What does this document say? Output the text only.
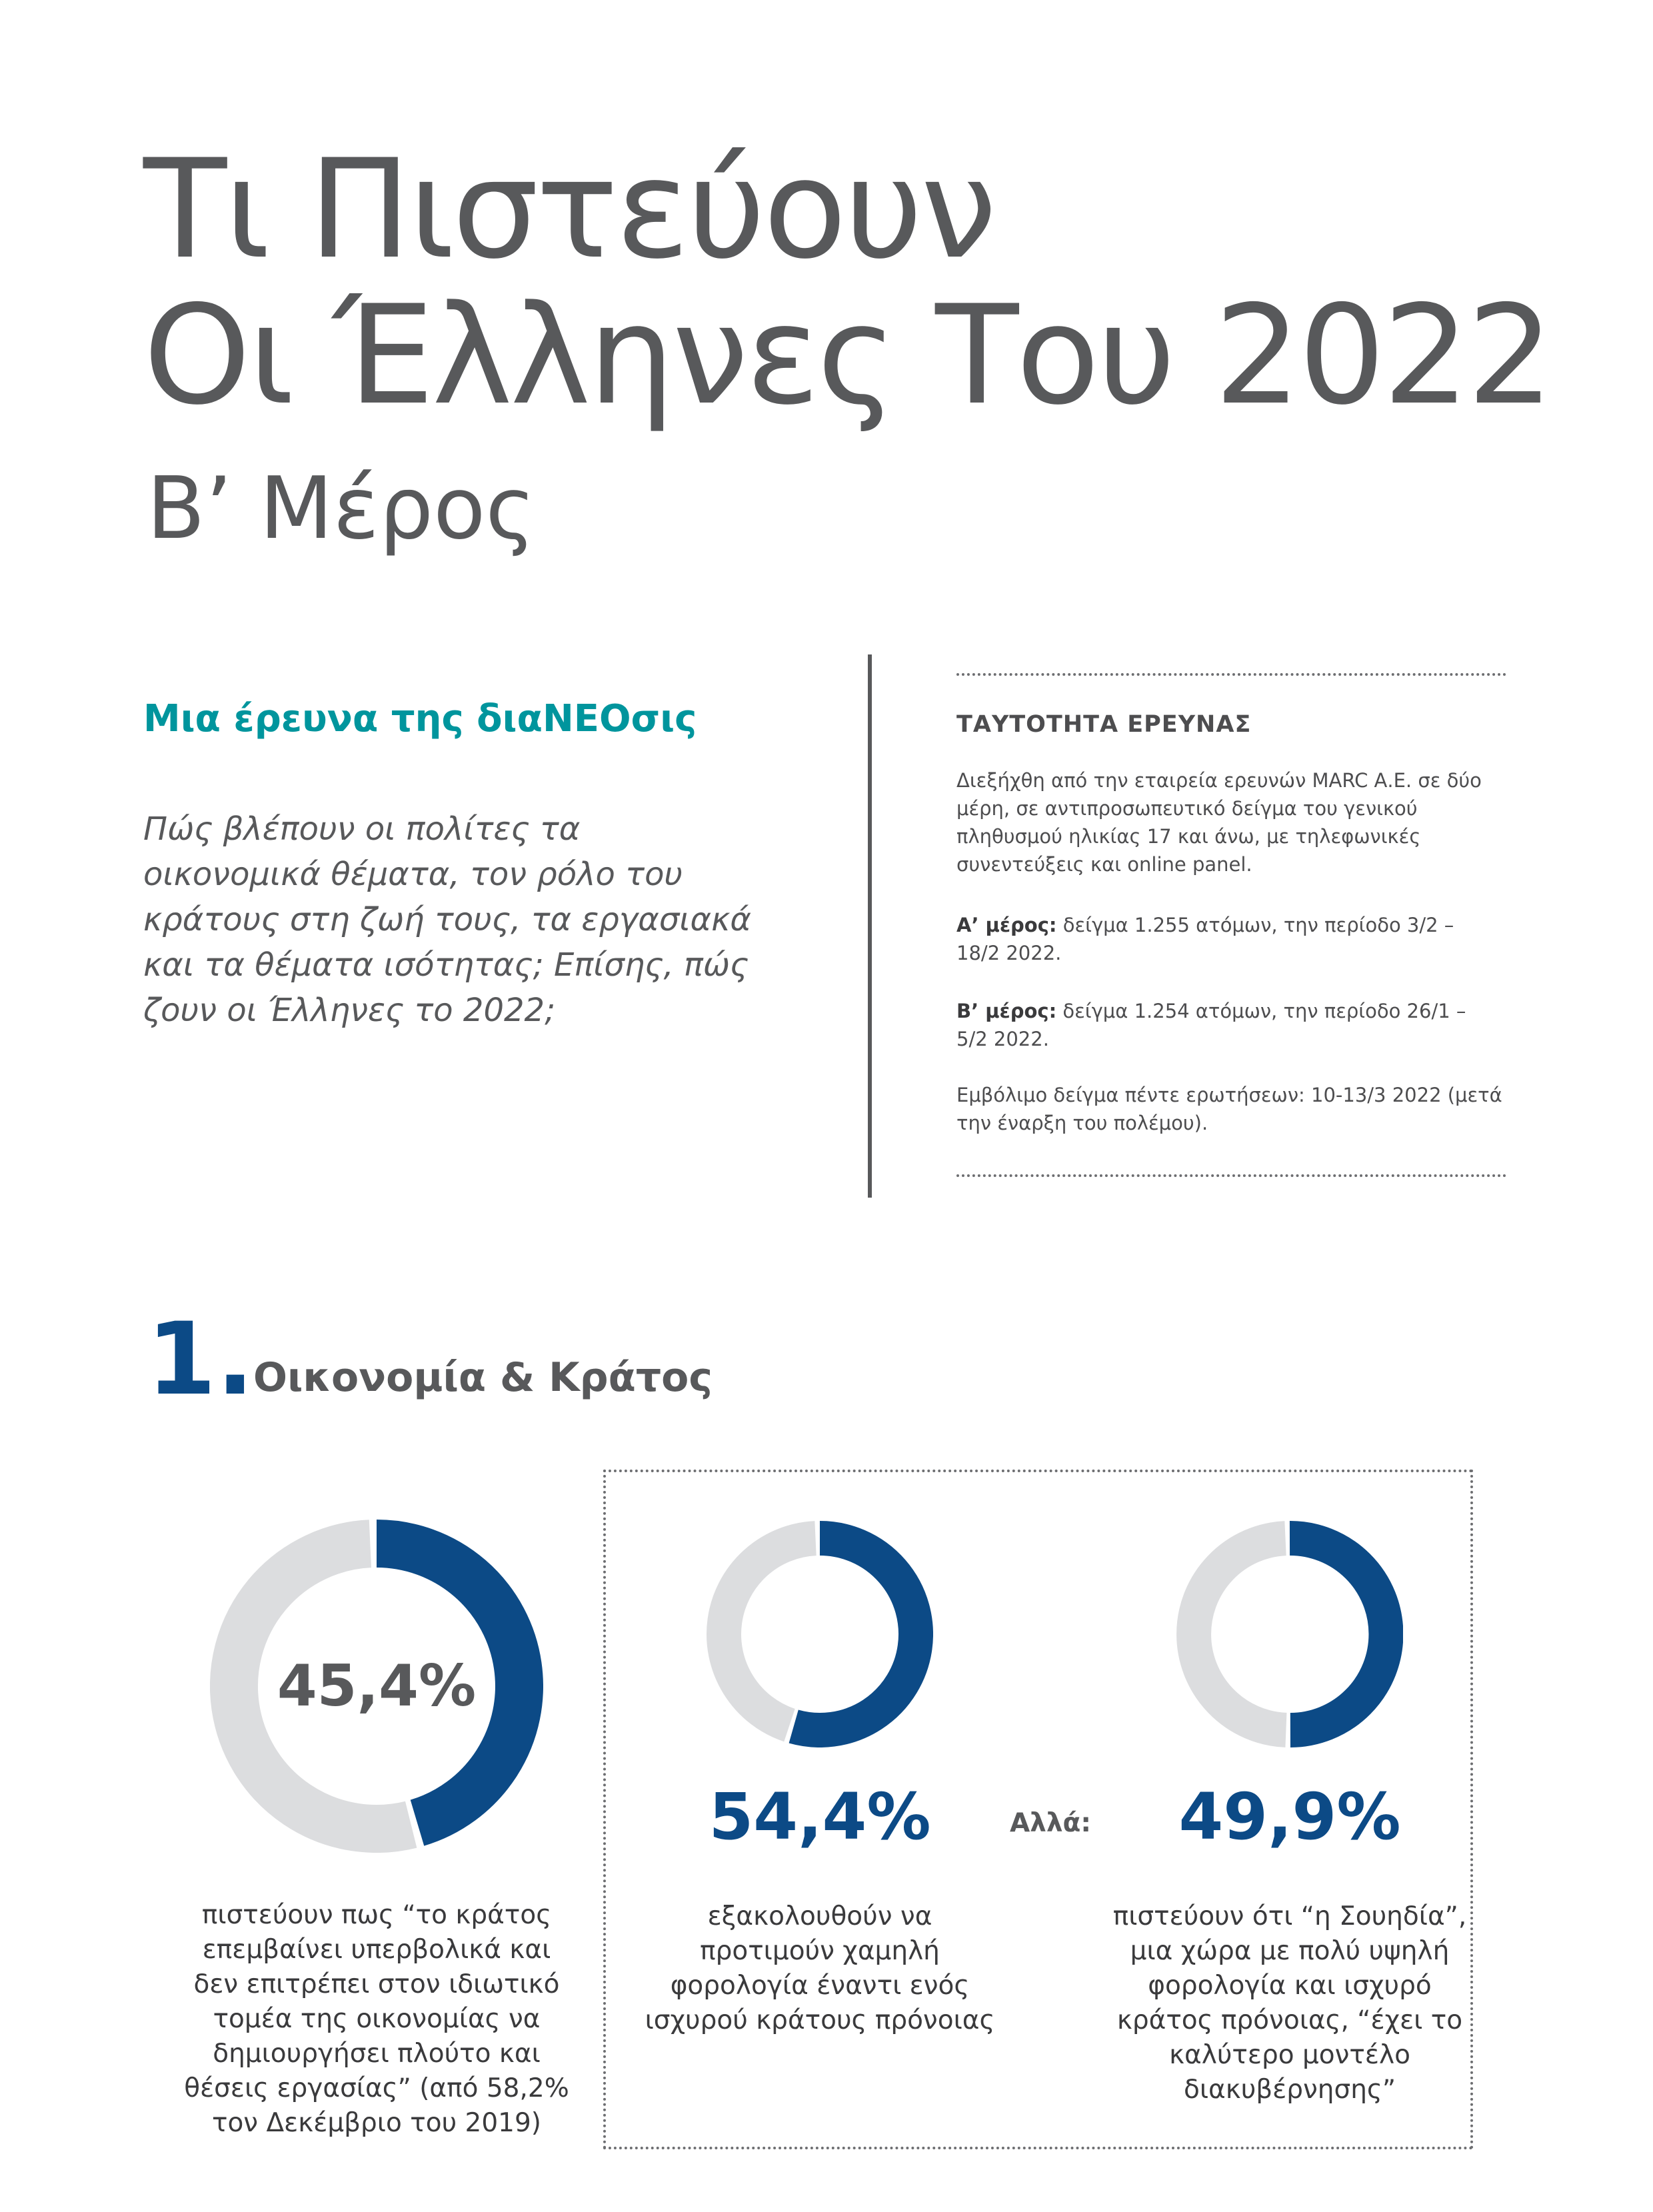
Τι Πιστεύουν
Οι Έλληνες Του 2022
Β’ Μέρος
Μια έρευνα της διαΝΕΟσις
Πώς βλέπουν οι πολίτες τα οικονομικά θέματα, τον ρόλο του κράτους στη ζωή τους, τα εργασιακά και τα θέματα ισότητας; Επίσης, πώς ζουν οι Έλληνες το 2022;
ΤΑΥΤΟΤΗΤΑ ΕΡΕΥΝΑΣ
Διεξήχθη από την εταιρεία ερευνών MARC Α.Ε. σε δύο μέρη, σε αντιπροσωπευτικό δείγμα του γενικού πληθυσμού ηλικίας 17 και άνω, με τηλεφωνικές συνεντεύξεις και online panel.
Α’ μέρος: δείγμα 1.255 ατόμων, την περίοδο 3/2 – 18/2 2022.
Β’ μέρος: δείγμα 1.254 ατόμων, την περίοδο 26/1 – 5/2 2022.
Εμβόλιμο δείγμα πέντε ερωτήσεων: 10-13/3 2022 (μετά την έναρξη του πολέμου).
1.
Οικονομία & Κράτος
45,4%
πιστεύουν πως “το κράτος επεμβαίνει υπερβολικά και δεν επιτρέπει στον ιδιωτικό τομέα της οικονομίας να δημιουργήσει πλούτο και θέσεις εργασίας” (από 58,2% τον Δεκέμβριο του 2019)
54,4%
εξακολουθούν να προτιμούν χαμηλή φορολογία έναντι ενός ισχυρού κράτους πρόνοιας
Αλλά:	49,9%
πιστεύουν ότι “η Σουηδία”, μια χώρα με πολύ υψηλή φορολογία και ισχυρό κράτος πρόνοιας, “έχει το καλύτερο μοντέλο διακυβέρνησης”
